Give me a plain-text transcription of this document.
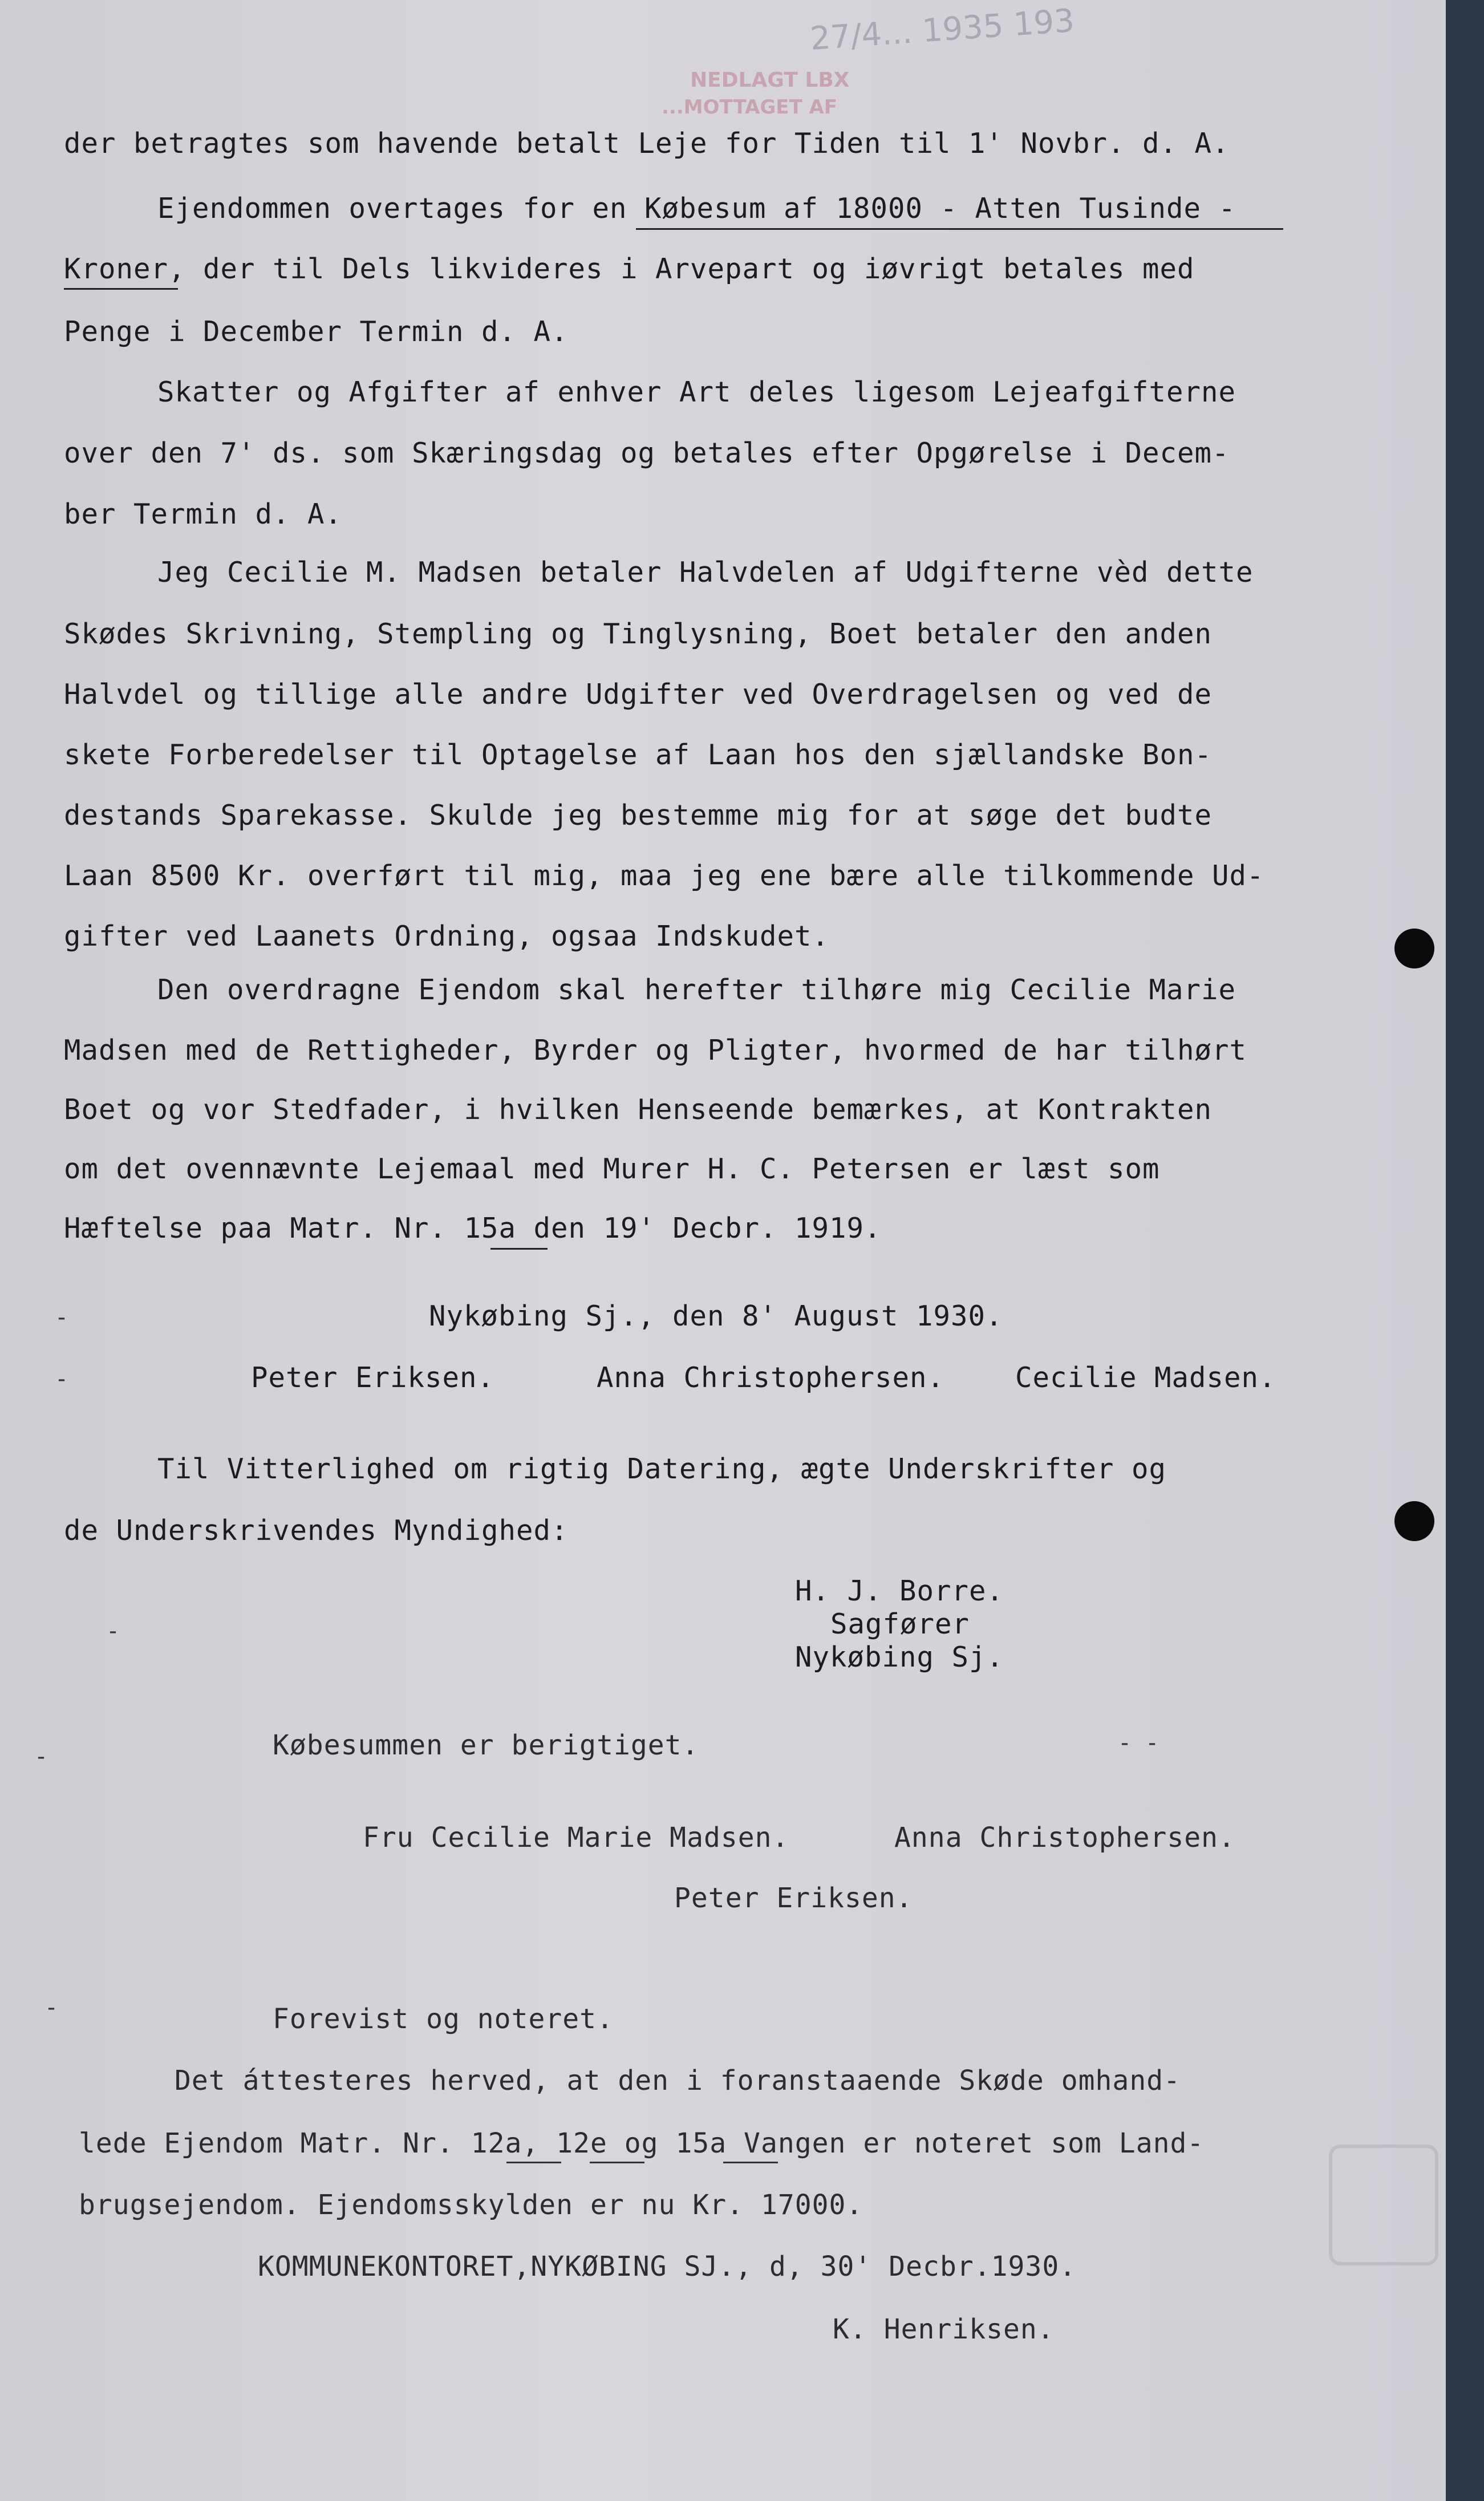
NEDLAGT LBX
...MOTTAGET AF
27/4... 1935 193
der betragtes som havende betalt Leje for Tiden til 1' Novbr. d. A.
Ejendommen overtages for en Købesum af 18000 - Atten Tusinde -
Kroner, der til Dels likvideres i Arvepart og iøvrigt betales med
Penge i December Termin d. A.
Skatter og Afgifter af enhver Art deles ligesom Lejeafgifterne
over den 7' ds. som Skæringsdag og betales efter Opgørelse i Decem-
ber Termin d. A.
Jeg Cecilie M. Madsen betaler Halvdelen af Udgifterne vèd dette
Skødes Skrivning, Stempling og Tinglysning, Boet betaler den anden
Halvdel og tillige alle andre Udgifter ved Overdragelsen og ved de
skete Forberedelser til Optagelse af Laan hos den sjællandske Bon-
destands Sparekasse. Skulde jeg bestemme mig for at søge det budte
Laan 8500 Kr. overført til mig, maa jeg ene bære alle tilkommende Ud-
gifter ved Laanets Ordning, ogsaa Indskudet.
Den overdragne Ejendom skal herefter tilhøre mig Cecilie Marie
Madsen med de Rettigheder, Byrder og Pligter, hvormed de har tilhørt
Boet og vor Stedfader, i hvilken Henseende bemærkes, at Kontrakten
om det ovennævnte Lejemaal med Murer H. C. Petersen er læst som
Hæftelse paa Matr. Nr. 15a den 19' Decbr. 1919.
Nykøbing Sj., den 8' August 1930.
Peter Eriksen.	Anna Christophersen.	Cecilie Madsen.
Til Vitterlighed om rigtig Datering, ægte Underskrifter og
de Underskrivendes Myndighed:
H. J. Borre.
Sagfører
Nykøbing Sj.
Købesummen er berigtiget.
Fru Cecilie Marie Madsen.	Anna Christophersen.
Peter Eriksen.
Forevist og noteret.
Det áttesteres herved, at den i foranstaaende Skøde omhand-
lede Ejendom Matr. Nr. 12a, 12e og 15a Vangen er noteret som Land-
brugsejendom. Ejendomsskylden er nu Kr. 17000.
KOMMUNEKONTORET,NYKØBING SJ., d, 30' Decbr.1930.
K. Henriksen.
-
-
-
-
-
- -
